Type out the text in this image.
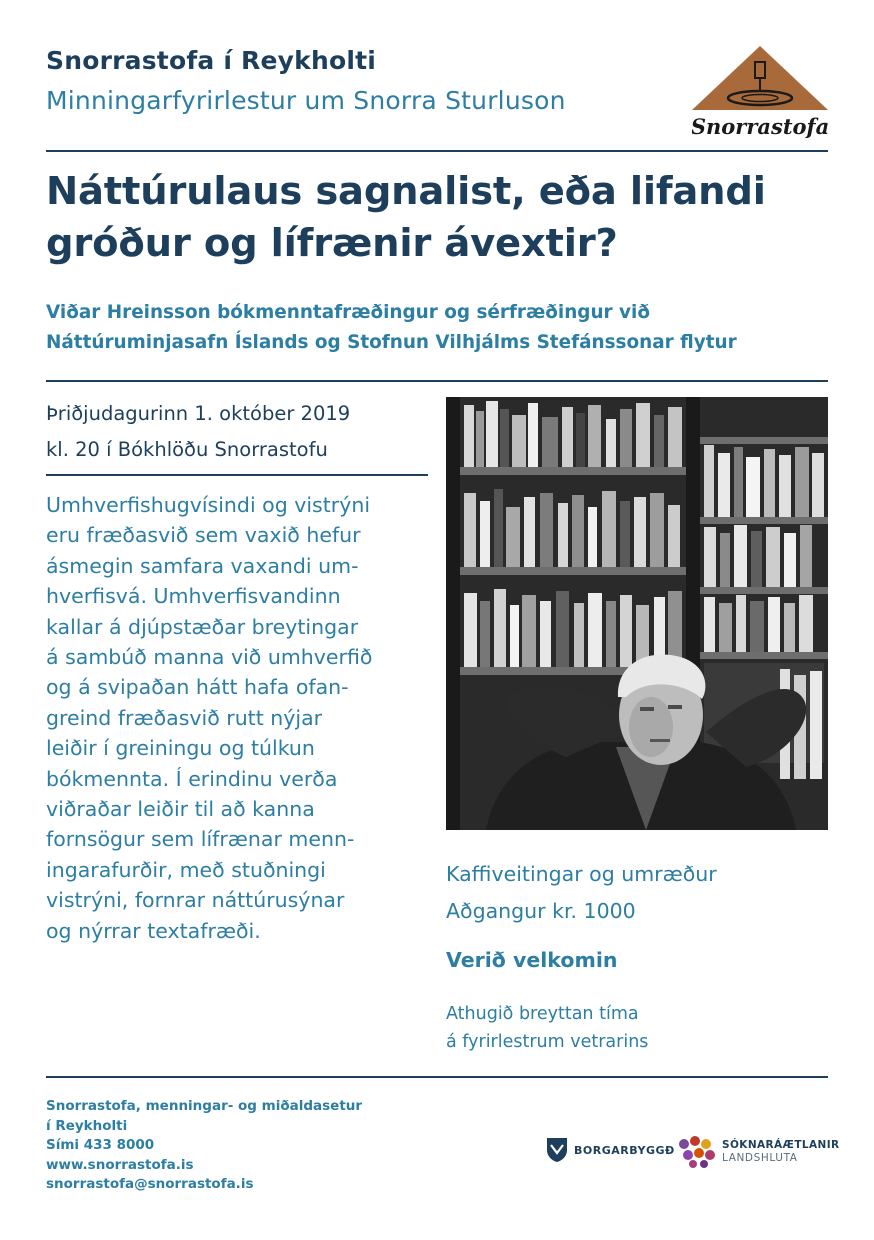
Snorrastofa í Reykholti
Minningarfyrirlestur um Snorra Sturluson
Snorrastofa
Náttúrulaus sagnalist, eða lifandi
gróður og lífrænir ávextir?
Viðar Hreinsson bókmenntafræðingur og sérfræðingur við
Náttúruminjasafn Íslands og Stofnun Vilhjálms Stefánssonar flytur
Þriðjudagurinn 1. október 2019
kl. 20 í Bókhlöðu Snorrastofu
Umhverfishugvísindi og vistrýni
eru fræðasvið sem vaxið hefur
ásmegin samfara vaxandi um-
hverfisvá. Umhverfisvandinn
kallar á djúpstæðar breytingar
á sambúð manna við umhverfið
og á svipaðan hátt hafa ofan-
greind fræðasvið rutt nýjar
leiðir í greiningu og túlkun
bókmennta. Í erindinu verða
viðraðar leiðir til að kanna
fornsögur sem lífrænar menn-
ingarafurðir, með stuðningi
vistrýni, fornrar náttúrusýnar
og nýrrar textafræði.
Kaffiveitingar og umræður
Aðgangur kr. 1000
Verið velkomin
Athugið breyttan tíma
á fyrirlestrum vetrarins
Snorrastofa, menningar- og miðaldasetur
í Reykholti
Sími 433 8000
www.snorrastofa.is
snorrastofa@snorrastofa.is
BORGARBYGGÐ	SÓKNARÁÆTLANIR
LANDSHLUTA
